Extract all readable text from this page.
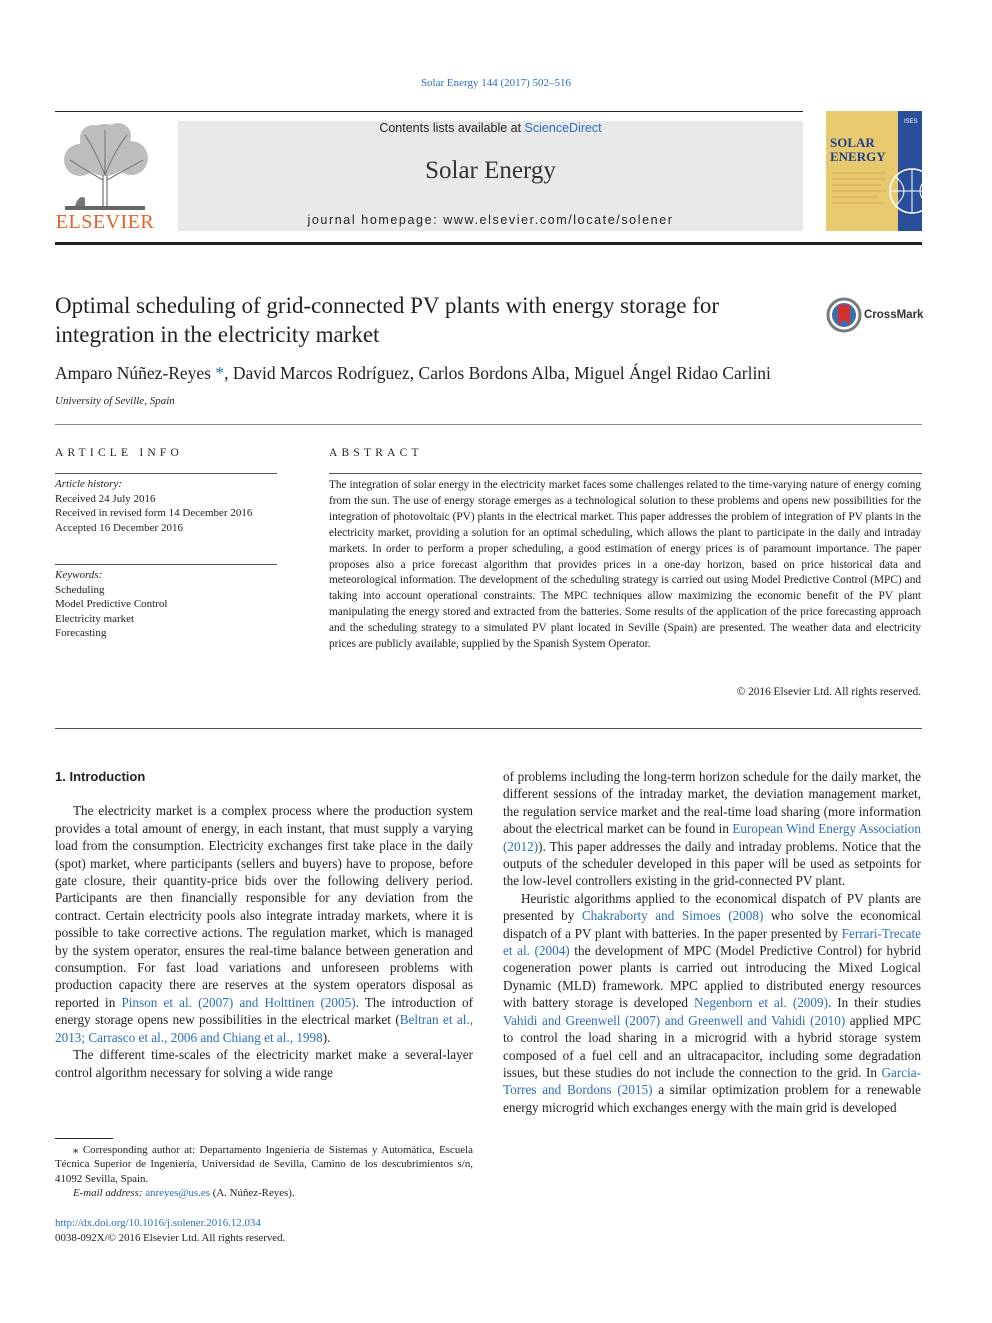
Solar Energy 144 (2017) 502–516
ELSEVIER
Contents lists available at ScienceDirect
Solar Energy
journal homepage: www.elsevier.com/locate/solener
SOLAR
ENERGY
ISES
Optimal scheduling of grid-connected PV plants with energy storage for integration in the electricity market
CrossMark
Amparo Núñez-Reyes *, David Marcos Rodríguez, Carlos Bordons Alba, Miguel Ángel Ridao Carlini
University of Seville, Spain
ARTICLE INFO
Article history:
Received 24 July 2016
Received in revised form 14 December 2016
Accepted 16 December 2016
Keywords:
Scheduling
Model Predictive Control
Electricity market
Forecasting
ABSTRACT
The integration of solar energy in the electricity market faces some challenges related to the time-varying nature of energy coming from the sun. The use of energy storage emerges as a technological solution to these problems and opens new possibilities for the integration of photovoltaic (PV) plants in the electrical market. This paper addresses the problem of integration of PV plants in the electricity market, providing a solution for an optimal scheduling, which allows the plant to participate in the daily and intraday markets. In order to perform a proper scheduling, a good estimation of energy prices is of paramount importance. The paper proposes also a price forecast algorithm that provides prices in a one-day horizon, based on price historical data and meteorological information. The development of the scheduling strategy is carried out using Model Predictive Control (MPC) and taking into account operational constraints. The MPC techniques allow maximizing the economic benefit of the PV plant manipulating the energy stored and extracted from the batteries. Some results of the application of the price forecasting approach and the scheduling strategy to a simulated PV plant located in Seville (Spain) are presented. The weather data and electricity prices are publicly available, supplied by the Spanish System Operator.
© 2016 Elsevier Ltd. All rights reserved.

1. Introduction

The electricity market is a complex process where the production system provides a total amount of energy, in each instant, that must supply a varying load from the consumption. Electricity exchanges first take place in the daily (spot) market, where participants (sellers and buyers) have to propose, before gate closure, their quantity-price bids over the following delivery period. Participants are then financially responsible for any deviation from the contract. Certain electricity pools also integrate intraday markets, where it is possible to take corrective actions. The regulation market, which is managed by the system operator, ensures the real-time balance between generation and consumption. For fast load variations and unforeseen problems with production capacity there are reserves at the system operators disposal as reported in Pinson et al. (2007) and Holttinen (2005). The introduction of energy storage opens new possibilities in the electrical market (Beltran et al., 2013; Carrasco et al., 2006 and Chiang et al., 1998).

The different time-scales of the electricity market make a several-layer control algorithm necessary for solving a wide range

of problems including the long-term horizon schedule for the daily market, the different sessions of the intraday market, the deviation management market, the regulation service market and the real-time load sharing (more information about the electrical market can be found in European Wind Energy Association (2012)). This paper addresses the daily and intraday problems. Notice that the outputs of the scheduler developed in this paper will be used as setpoints for the low-level controllers existing in the grid-connected PV plant.

Heuristic algorithms applied to the economical dispatch of PV plants are presented by Chakraborty and Simoes (2008) who solve the economical dispatch of a PV plant with batteries. In the paper presented by Ferrari-Trecate et al. (2004) the development of MPC (Model Predictive Control) for hybrid cogeneration power plants is carried out introducing the Mixed Logical Dynamic (MLD) framework. MPC applied to distributed energy resources with battery storage is developed Negenborn et al. (2009). In their studies Vahidi and Greenwell (2007) and Greenwell and Vahidi (2010) applied MPC to control the load sharing in a microgrid with a hybrid storage system composed of a fuel cell and an ultracapacitor, including some degradation issues, but these studies do not include the connection to the grid. In Garcia-Torres and Bordons (2015) a similar optimization problem for a renewable energy microgrid which exchanges energy with the main grid is developed

⁎ Corresponding author at: Departamento Ingeniería de Sistemas y Automática, Escuela Técnica Superior de Ingeniería, Universidad de Sevilla, Camino de los descubrimientos s/n, 41092 Sevilla, Spain.

E-mail address: anreyes@us.es (A. Núñez-Reyes).

http://dx.doi.org/10.1016/j.solener.2016.12.034
0038-092X/© 2016 Elsevier Ltd. All rights reserved.
